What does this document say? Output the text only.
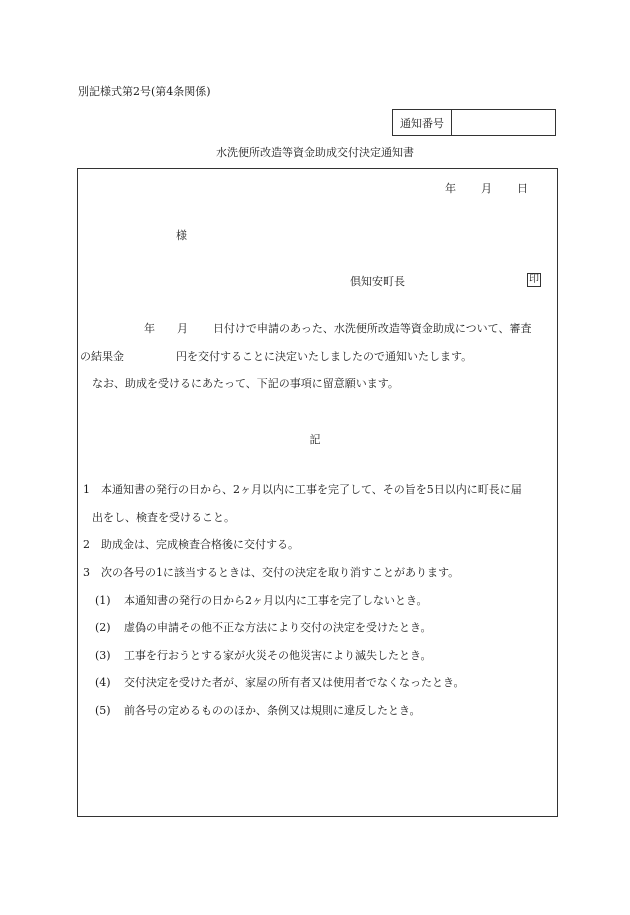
別記様式第2号(第4条関係)
通知番号
水洗便所改造等資金助成交付決定通知書
年 月 日
様
倶知安町長	印
年 月 日付けで申請のあった、水洗便所改造等資金助成について、審査
の結果金	円を交付することに決定いたしましたので通知いたします。
なお、助成を受けるにあたって、下記の事項に留意願います。
記
1 本通知書の発行の日から、2ヶ月以内に工事を完了して、その旨を5日以内に町長に届
出をし、検査を受けること。
2 助成金は、完成検査合格後に交付する。
3 次の各号の1に該当するときは、交付の決定を取り消すことがあります。
(1) 本通知書の発行の日から2ヶ月以内に工事を完了しないとき。
(2) 虚偽の申請その他不正な方法により交付の決定を受けたとき。
(3) 工事を行おうとする家が火災その他災害により滅失したとき。
(4) 交付決定を受けた者が、家屋の所有者又は使用者でなくなったとき。
(5) 前各号の定めるもののほか、条例又は規則に違反したとき。
